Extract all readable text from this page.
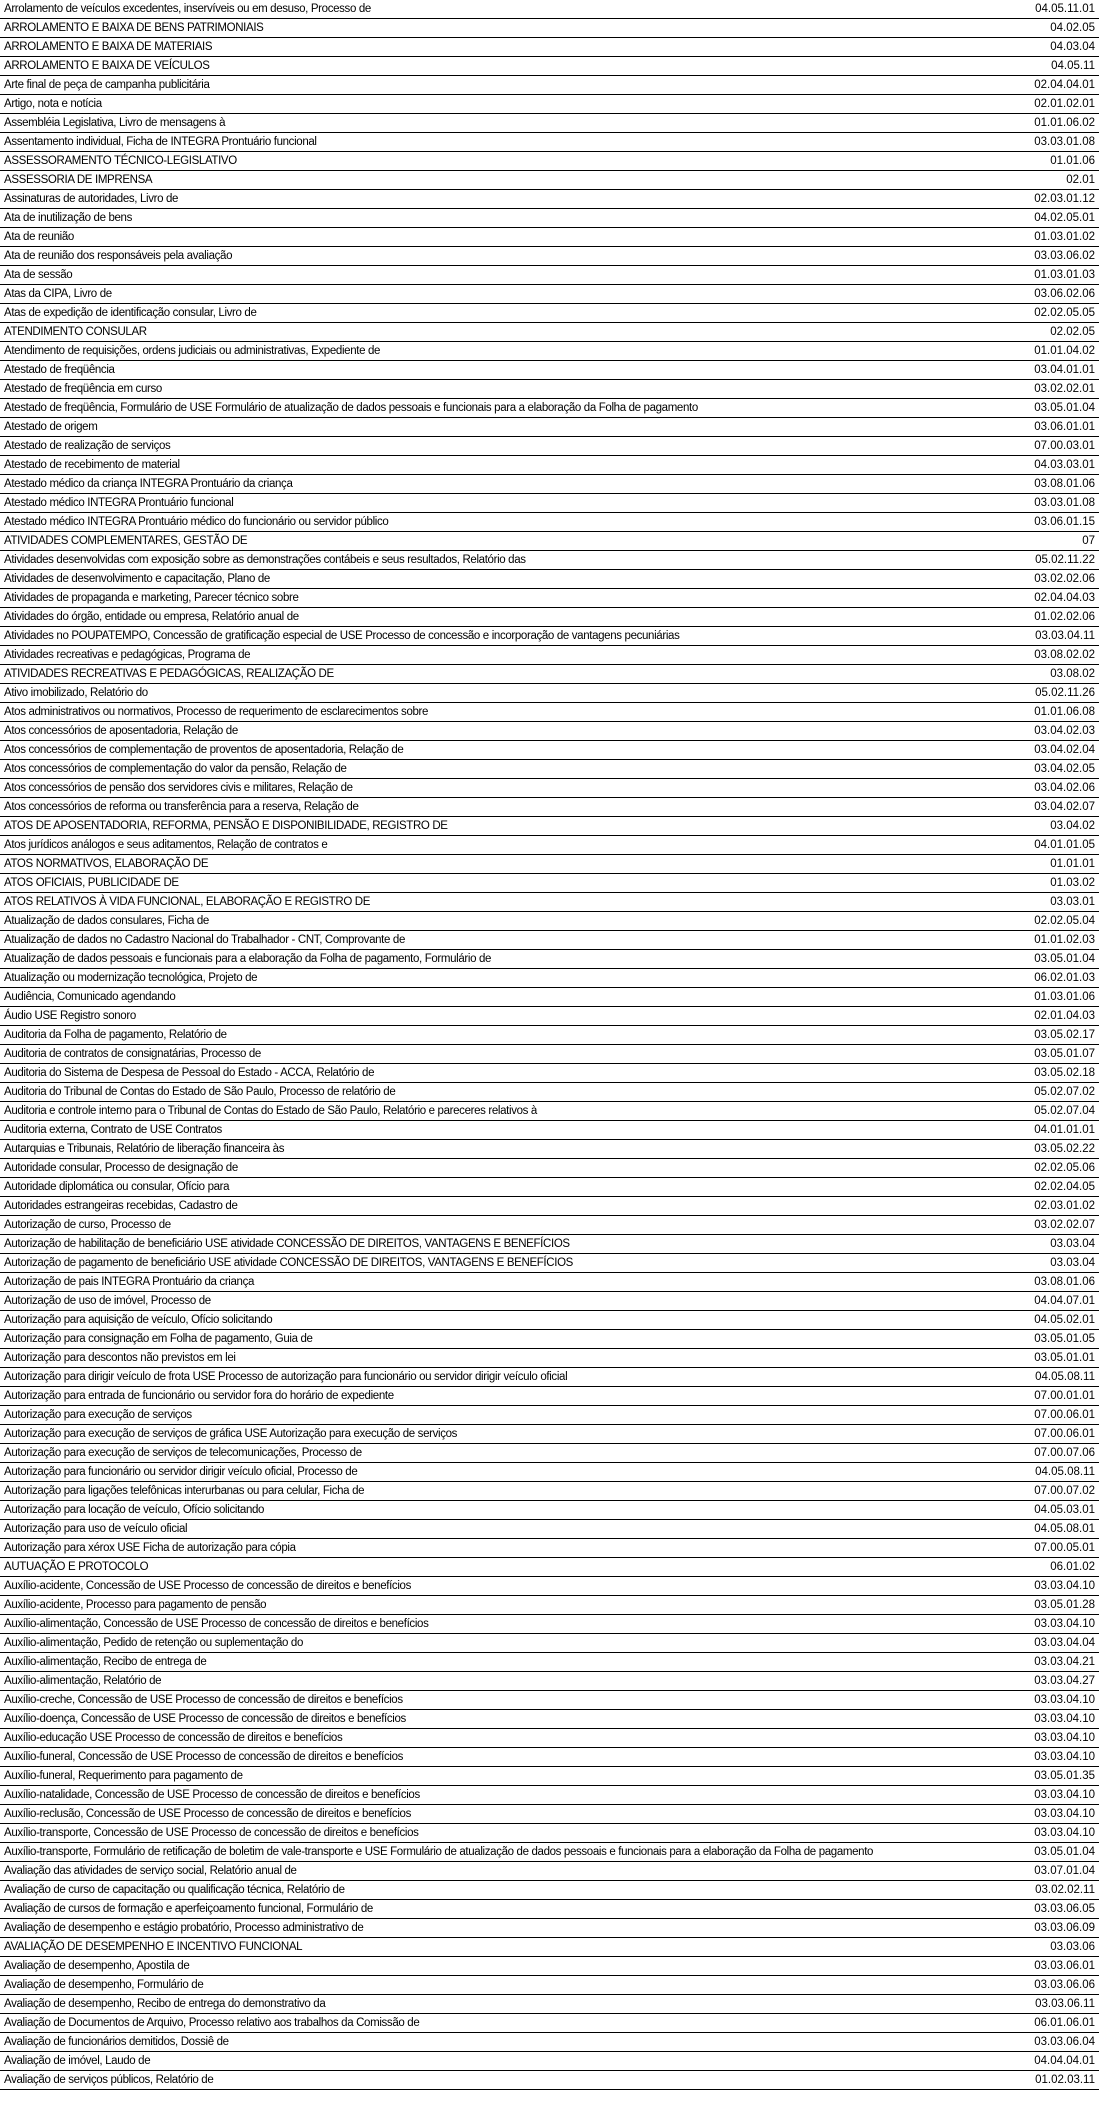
Arrolamento de veículos excedentes, inservíveis ou em desuso, Processo de	04.05.11.01
ARROLAMENTO E BAIXA DE BENS PATRIMONIAIS	04.02.05
ARROLAMENTO E BAIXA DE MATERIAIS	04.03.04
ARROLAMENTO E BAIXA DE VEÍCULOS	04.05.11
Arte final de peça de campanha publicitária	02.04.04.01
Artigo, nota e notícia	02.01.02.01
Assembléia Legislativa, Livro de mensagens à	01.01.06.02
Assentamento individual, Ficha de INTEGRA Prontuário funcional	03.03.01.08
ASSESSORAMENTO TÉCNICO-LEGISLATIVO	01.01.06
ASSESSORIA DE IMPRENSA	02.01
Assinaturas de autoridades, Livro de	02.03.01.12
Ata de inutilização de bens	04.02.05.01
Ata de reunião	01.03.01.02
Ata de reunião dos responsáveis pela avaliação	03.03.06.02
Ata de sessão	01.03.01.03
Atas da CIPA, Livro de	03.06.02.06
Atas de expedição de identificação consular, Livro de	02.02.05.05
ATENDIMENTO CONSULAR	02.02.05
Atendimento de requisições, ordens judiciais ou administrativas, Expediente de	01.01.04.02
Atestado de freqüência	03.04.01.01
Atestado de freqüência em curso	03.02.02.01
Atestado de freqüência, Formulário de USE Formulário de atualização de dados pessoais e funcionais para a elaboração da Folha de pagamento	03.05.01.04
Atestado de origem	03.06.01.01
Atestado de realização de serviços	07.00.03.01
Atestado de recebimento de material	04.03.03.01
Atestado médico da criança INTEGRA Prontuário da criança	03.08.01.06
Atestado médico INTEGRA Prontuário funcional	03.03.01.08
Atestado médico INTEGRA Prontuário médico do funcionário ou servidor público	03.06.01.15
ATIVIDADES COMPLEMENTARES, GESTÃO DE	07
Atividades desenvolvidas com exposição sobre as demonstrações contábeis e seus resultados, Relatório das	05.02.11.22
Atividades de desenvolvimento e capacitação, Plano de	03.02.02.06
Atividades de propaganda e marketing, Parecer técnico sobre	02.04.04.03
Atividades do órgão, entidade ou empresa, Relatório anual de	01.02.02.06
Atividades no POUPATEMPO, Concessão de gratificação especial de USE Processo de concessão e incorporação de vantagens pecuniárias	03.03.04.11
Atividades recreativas e pedagógicas, Programa de	03.08.02.02
ATIVIDADES RECREATIVAS E PEDAGÓGICAS, REALIZAÇÃO DE	03.08.02
Ativo imobilizado, Relatório do	05.02.11.26
Atos administrativos ou normativos, Processo de requerimento de esclarecimentos sobre	01.01.06.08
Atos concessórios de aposentadoria, Relação de	03.04.02.03
Atos concessórios de complementação de proventos de aposentadoria, Relação de	03.04.02.04
Atos concessórios de complementação do valor da pensão, Relação de	03.04.02.05
Atos concessórios de pensão dos servidores civis e militares, Relação de	03.04.02.06
Atos concessórios de reforma ou transferência para a reserva, Relação de	03.04.02.07
ATOS DE APOSENTADORIA, REFORMA, PENSÃO E DISPONIBILIDADE, REGISTRO DE	03.04.02
Atos jurídicos análogos e seus aditamentos, Relação de contratos e	04.01.01.05
ATOS NORMATIVOS, ELABORAÇÃO DE	01.01.01
ATOS OFICIAIS, PUBLICIDADE DE	01.03.02
ATOS RELATIVOS À VIDA FUNCIONAL, ELABORAÇÃO E REGISTRO DE	03.03.01
Atualização de dados consulares, Ficha de	02.02.05.04
Atualização de dados no Cadastro Nacional do Trabalhador - CNT, Comprovante de	01.01.02.03
Atualização de dados pessoais e funcionais para a elaboração da Folha de pagamento, Formulário de	03.05.01.04
Atualização ou modernização tecnológica, Projeto de	06.02.01.03
Audiência, Comunicado agendando	01.03.01.06
Áudio USE Registro sonoro	02.01.04.03
Auditoria da Folha de pagamento, Relatório de	03.05.02.17
Auditoria de contratos de consignatárias, Processo de	03.05.01.07
Auditoria do Sistema de Despesa de Pessoal do Estado - ACCA, Relatório de	03.05.02.18
Auditoria do Tribunal de Contas do Estado de São Paulo, Processo de relatório de	05.02.07.02
Auditoria e controle interno para o Tribunal de Contas do Estado de São Paulo, Relatório e pareceres relativos à	05.02.07.04
Auditoria externa, Contrato de USE Contratos	04.01.01.01
Autarquias e Tribunais, Relatório de liberação financeira às	03.05.02.22
Autoridade consular, Processo de designação de	02.02.05.06
Autoridade diplomática ou consular, Ofício para	02.02.04.05
Autoridades estrangeiras recebidas, Cadastro de	02.03.01.02
Autorização de curso, Processo de	03.02.02.07
Autorização de habilitação de beneficiário USE atividade CONCESSÃO DE DIREITOS, VANTAGENS E BENEFÍCIOS	03.03.04
Autorização de pagamento de beneficiário USE atividade CONCESSÃO DE DIREITOS, VANTAGENS E BENEFÍCIOS	03.03.04
Autorização de pais INTEGRA Prontuário da criança	03.08.01.06
Autorização de uso de imóvel, Processo de	04.04.07.01
Autorização para aquisição de veículo, Ofício solicitando	04.05.02.01
Autorização para consignação em Folha de pagamento, Guia de	03.05.01.05
Autorização para descontos não previstos em lei	03.05.01.01
Autorização para dirigir veículo de frota USE Processo de autorização para funcionário ou servidor dirigir veículo oficial	04.05.08.11
Autorização para entrada de funcionário ou servidor fora do horário de expediente	07.00.01.01
Autorização para execução de serviços	07.00.06.01
Autorização para execução de serviços de gráfica USE Autorização para execução de serviços	07.00.06.01
Autorização para execução de serviços de telecomunicações, Processo de	07.00.07.06
Autorização para funcionário ou servidor dirigir veículo oficial, Processo de	04.05.08.11
Autorização para ligações telefônicas interurbanas ou para celular, Ficha de	07.00.07.02
Autorização para locação de veículo, Ofício solicitando	04.05.03.01
Autorização para uso de veículo oficial	04.05.08.01
Autorização para xérox USE Ficha de autorização para cópia	07.00.05.01
AUTUAÇÃO E PROTOCOLO	06.01.02
Auxílio-acidente, Concessão de USE Processo de concessão de direitos e benefícios	03.03.04.10
Auxílio-acidente, Processo para pagamento de pensão	03.05.01.28
Auxílio-alimentação, Concessão de USE Processo de concessão de direitos e benefícios	03.03.04.10
Auxílio-alimentação, Pedido de retenção ou suplementação do	03.03.04.04
Auxílio-alimentação, Recibo de entrega de	03.03.04.21
Auxílio-alimentação, Relatório de	03.03.04.27
Auxílio-creche, Concessão de USE Processo de concessão de direitos e benefícios	03.03.04.10
Auxílio-doença, Concessão de USE Processo de concessão de direitos e benefícios	03.03.04.10
Auxílio-educação USE Processo de concessão de direitos e benefícios	03.03.04.10
Auxílio-funeral, Concessão de USE Processo de concessão de direitos e benefícios	03.03.04.10
Auxílio-funeral, Requerimento para pagamento de	03.05.01.35
Auxílio-natalidade, Concessão de USE Processo de concessão de direitos e benefícios	03.03.04.10
Auxílio-reclusão, Concessão de USE Processo de concessão de direitos e benefícios	03.03.04.10
Auxílio-transporte, Concessão de USE Processo de concessão de direitos e benefícios	03.03.04.10
Auxílio-transporte, Formulário de retificação de boletim de vale-transporte e USE Formulário de atualização de dados pessoais e funcionais para a elaboração da Folha de pagamento	03.05.01.04
Avaliação das atividades de serviço social, Relatório anual de	03.07.01.04
Avaliação de curso de capacitação ou qualificação técnica, Relatório de	03.02.02.11
Avaliação de cursos de formação e aperfeiçoamento funcional, Formulário de	03.03.06.05
Avaliação de desempenho e estágio probatório, Processo administrativo de	03.03.06.09
AVALIAÇÃO DE DESEMPENHO E INCENTIVO FUNCIONAL	03.03.06
Avaliação de desempenho, Apostila de	03.03.06.01
Avaliação de desempenho, Formulário de	03.03.06.06
Avaliação de desempenho, Recibo de entrega do demonstrativo da	03.03.06.11
Avaliação de Documentos de Arquivo, Processo relativo aos trabalhos da Comissão de	06.01.06.01
Avaliação de funcionários demitidos, Dossiê de	03.03.06.04
Avaliação de imóvel, Laudo de	04.04.04.01
Avaliação de serviços públicos, Relatório de	01.02.03.11
